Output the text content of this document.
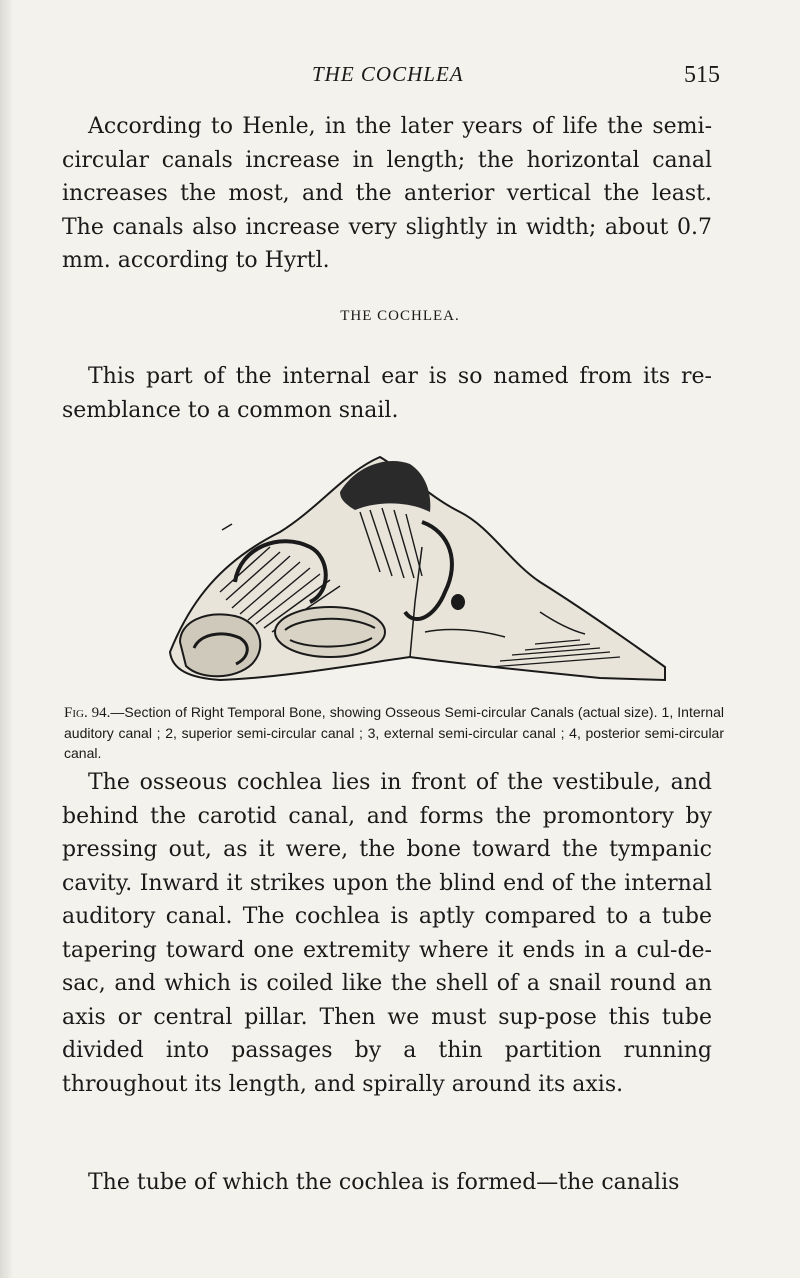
THE COCHLEA	515

According to Henle, in the later years of life the semi-circular canals increase in length; the horizontal canal increases the most, and the anterior vertical the least. The canals also increase very slightly in width; about 0.7 mm. according to Hyrtl.

THE COCHLEA.

This part of the internal ear is so named from its re-semblance to a common snail.

Fig. 94.—Section of Right Temporal Bone, showing Osseous Semi-circular Canals (actual size). 1, Internal auditory canal ; 2, superior semi-circular canal ; 3, external semi-circular canal ; 4, posterior semi-circular canal.

The osseous cochlea lies in front of the vestibule, and behind the carotid canal, and forms the promontory by pressing out, as it were, the bone toward the tympanic cavity. Inward it strikes upon the blind end of the internal auditory canal. The cochlea is aptly compared to a tube tapering toward one extremity where it ends in a cul-de-sac, and which is coiled like the shell of a snail round an axis or central pillar. Then we must sup-pose this tube divided into passages by a thin partition running throughout its length, and spirally around its axis.

The tube of which the cochlea is formed—the canalis
